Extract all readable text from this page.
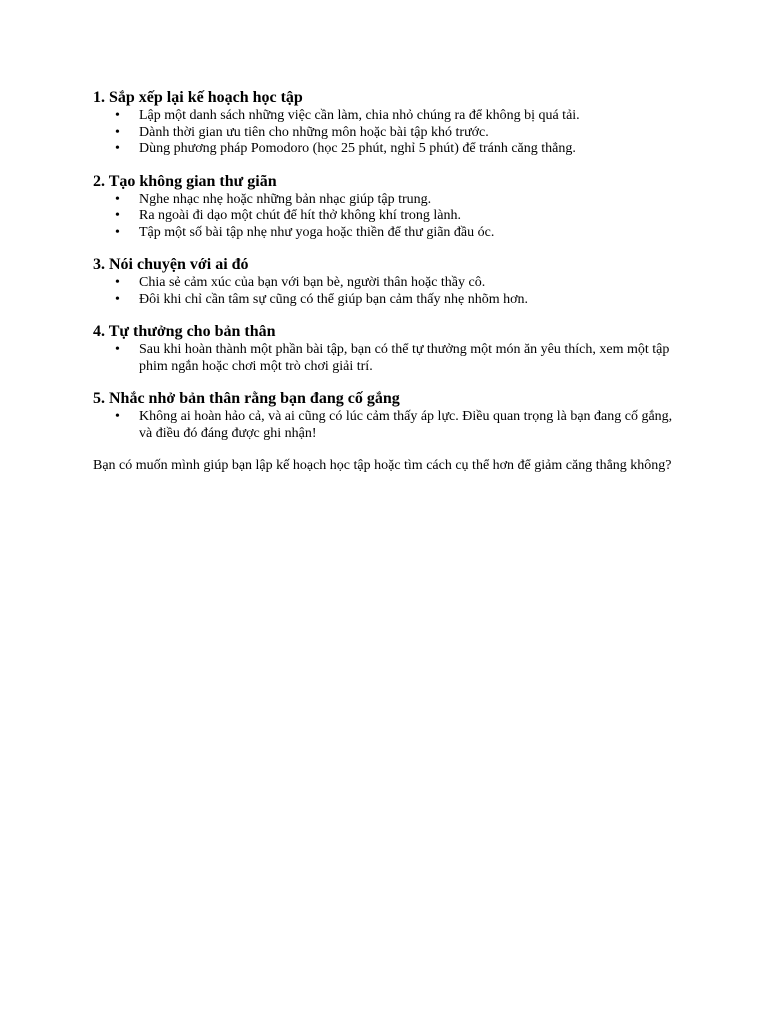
1. Sắp xếp lại kế hoạch học tập
• Lập một danh sách những việc cần làm, chia nhỏ chúng ra để không bị quá tải.
• Dành thời gian ưu tiên cho những môn hoặc bài tập khó trước.
• Dùng phương pháp Pomodoro (học 25 phút, nghỉ 5 phút) để tránh căng thẳng.
2. Tạo không gian thư giãn
• Nghe nhạc nhẹ hoặc những bản nhạc giúp tập trung.
• Ra ngoài đi dạo một chút để hít thở không khí trong lành.
• Tập một số bài tập nhẹ như yoga hoặc thiền để thư giãn đầu óc.
3. Nói chuyện với ai đó
• Chia sẻ cảm xúc của bạn với bạn bè, người thân hoặc thầy cô.
• Đôi khi chỉ cần tâm sự cũng có thể giúp bạn cảm thấy nhẹ nhõm hơn.
4. Tự thưởng cho bản thân
• Sau khi hoàn thành một phần bài tập, bạn có thể tự thưởng một món ăn yêu thích, xem một tập phim ngắn hoặc chơi một trò chơi giải trí.
5. Nhắc nhở bản thân rằng bạn đang cố gắng
• Không ai hoàn hảo cả, và ai cũng có lúc cảm thấy áp lực. Điều quan trọng là bạn đang cố gắng, và điều đó đáng được ghi nhận!

Bạn có muốn mình giúp bạn lập kế hoạch học tập hoặc tìm cách cụ thể hơn để giảm căng thẳng không?
